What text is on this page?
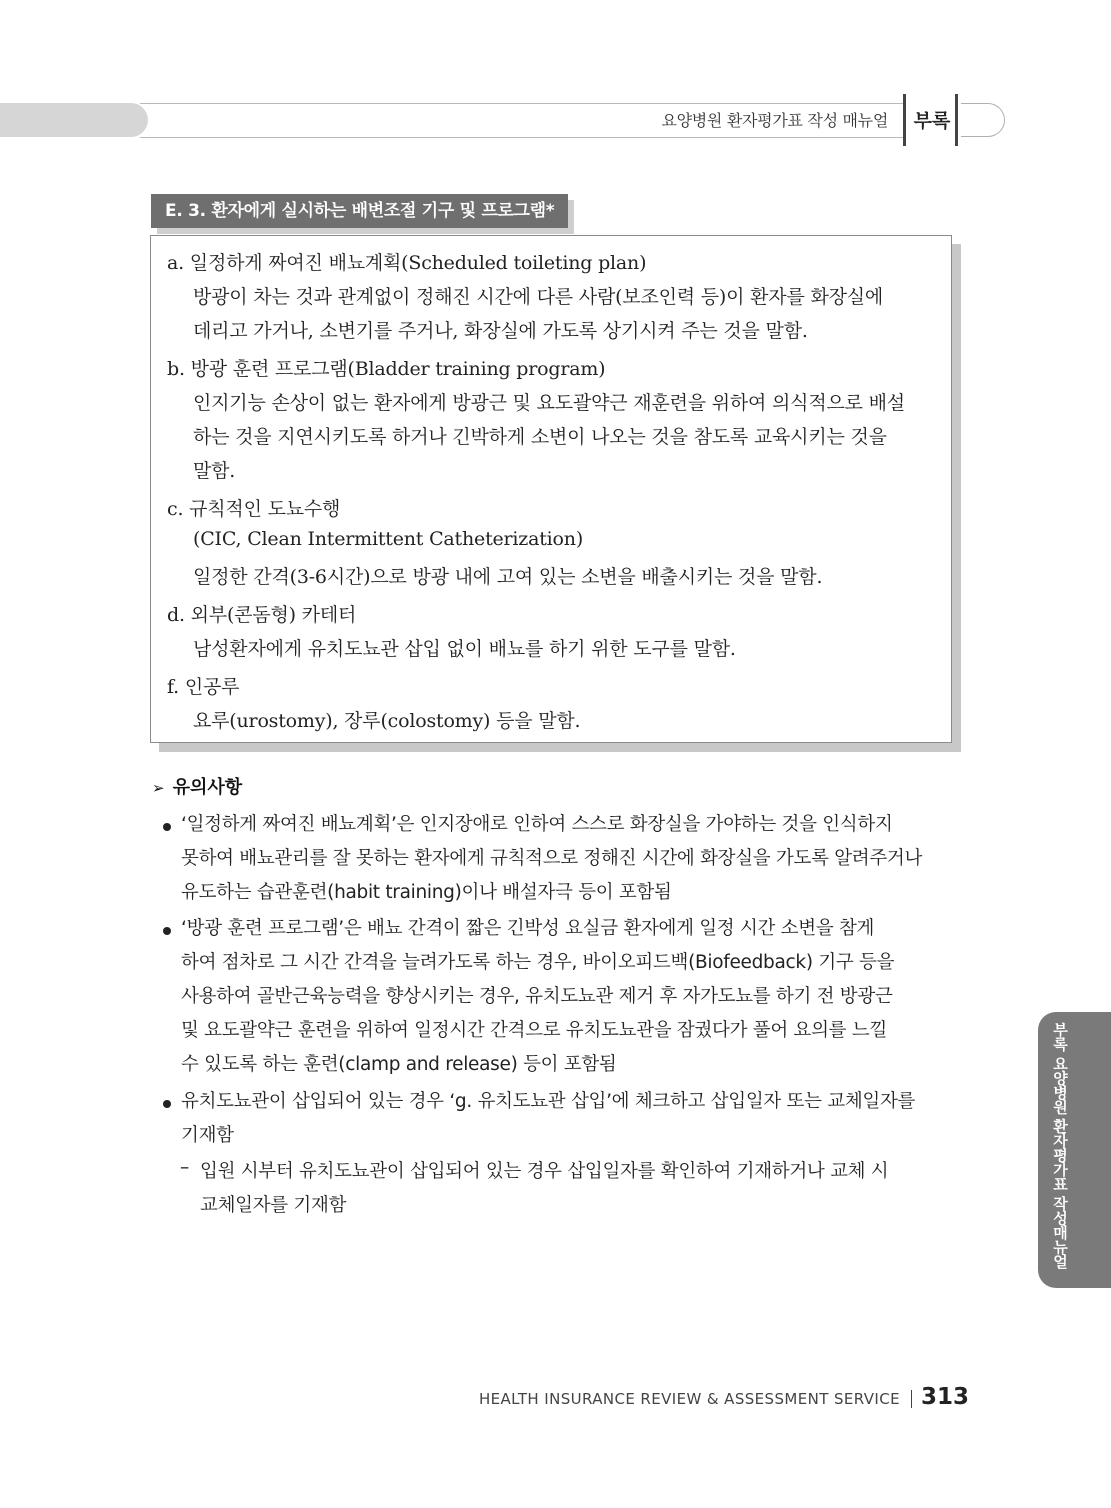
요양병원 환자평가표 작성 매뉴얼 부록
E. 3. 환자에게 실시하는 배변조절 기구 및 프로그램*
a. 일정하게 짜여진 배뇨계획(Scheduled toileting plan)
방광이 차는 것과 관계없이 정해진 시간에 다른 사람(보조인력 등)이 환자를 화장실에
데리고 가거나, 소변기를 주거나, 화장실에 가도록 상기시켜 주는 것을 말함.
b. 방광 훈련 프로그램(Bladder training program)
인지기능 손상이 없는 환자에게 방광근 및 요도괄약근 재훈련을 위하여 의식적으로 배설
하는 것을 지연시키도록 하거나 긴박하게 소변이 나오는 것을 참도록 교육시키는 것을
말함.
c. 규칙적인 도뇨수행
(CIC, Clean Intermittent Catheterization)
일정한 간격(3-6시간)으로 방광 내에 고여 있는 소변을 배출시키는 것을 말함.
d. 외부(콘돔형) 카테터
남성환자에게 유치도뇨관 삽입 없이 배뇨를 하기 위한 도구를 말함.
f. 인공루
요루(urostomy), 장루(colostomy) 등을 말함.
➢ 유의사항
‘일정하게 짜여진 배뇨계획’은 인지장애로 인하여 스스로 화장실을 가야하는 것을 인식하지
못하여 배뇨관리를 잘 못하는 환자에게 규칙적으로 정해진 시간에 화장실을 가도록 알려주거나
유도하는 습관훈련(habit training)이나 배설자극 등이 포함됨
‘방광 훈련 프로그램’은 배뇨 간격이 짧은 긴박성 요실금 환자에게 일정 시간 소변을 참게
하여 점차로 그 시간 간격을 늘려가도록 하는 경우, 바이오피드백(Biofeedback) 기구 등을
사용하여 골반근육능력을 향상시키는 경우, 유치도뇨관 제거 후 자가도뇨를 하기 전 방광근
및 요도괄약근 훈련을 위하여 일정시간 간격으로 유치도뇨관을 잠궜다가 풀어 요의를 느낄
수 있도록 하는 훈련(clamp and release) 등이 포함됨
유치도뇨관이 삽입되어 있는 경우 ‘g. 유치도뇨관 삽입’에 체크하고 삽입일자 또는 교체일자를
기재함
– 입원 시부터 유치도뇨관이 삽입되어 있는 경우 삽입일자를 확인하여 기재하거나 교체 시
교체일자를 기재함	부록 요양병원 환자평가표 작성매뉴얼
HEALTH INSURANCE REVIEW & ASSESSMENT SERVICE 313
